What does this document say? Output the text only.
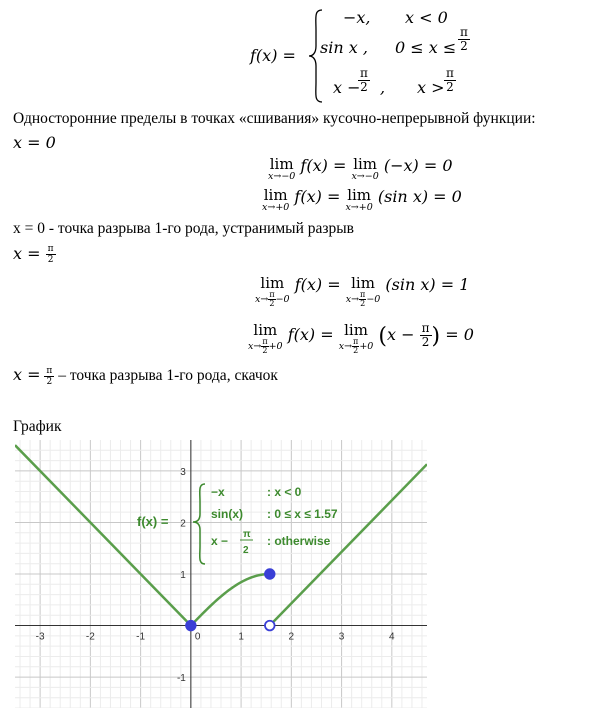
f(x) =
−x, x < 0
sin x , $0 \le x \le \frac{\pi}{2}$
x −
$\frac{\pi}{2}$ , $x > \frac{\pi}{2}$
Односторонние пределы в точках «сшивания» кусочно-непрерывной функции:
x = 0
lim
x→−0
f(x) = lim
x→−0
(−x) = 0
lim
x→+0
f(x) = lim
x→+0
(sin x) = 0
x = 0 - точка разрыва 1-го рода, устранимый разрыв
$x = \frac{\pi}{2}$
lim
$x\to \frac{\pi}{2} -0$
f(x) = lim
$x\to \frac{\pi}{2} -0$
(sin x) = 1
lim
$x\to \frac{\pi}{2} +0$
f(x) = lim
$x\to \frac{\pi}{2} +0$ ($x - \frac{\pi}{2}$ ) = 0
$x = \frac{\pi}{2}$ – точка разрыва 1-го рода, скачок
График
-3	-2	-1	1	2	3	4
3
2
1
-1
0
f(x) =
−x	: x < 0
sin(x) : 0 ≤ x ≤ 1.57
x − π
2
: otherwise
